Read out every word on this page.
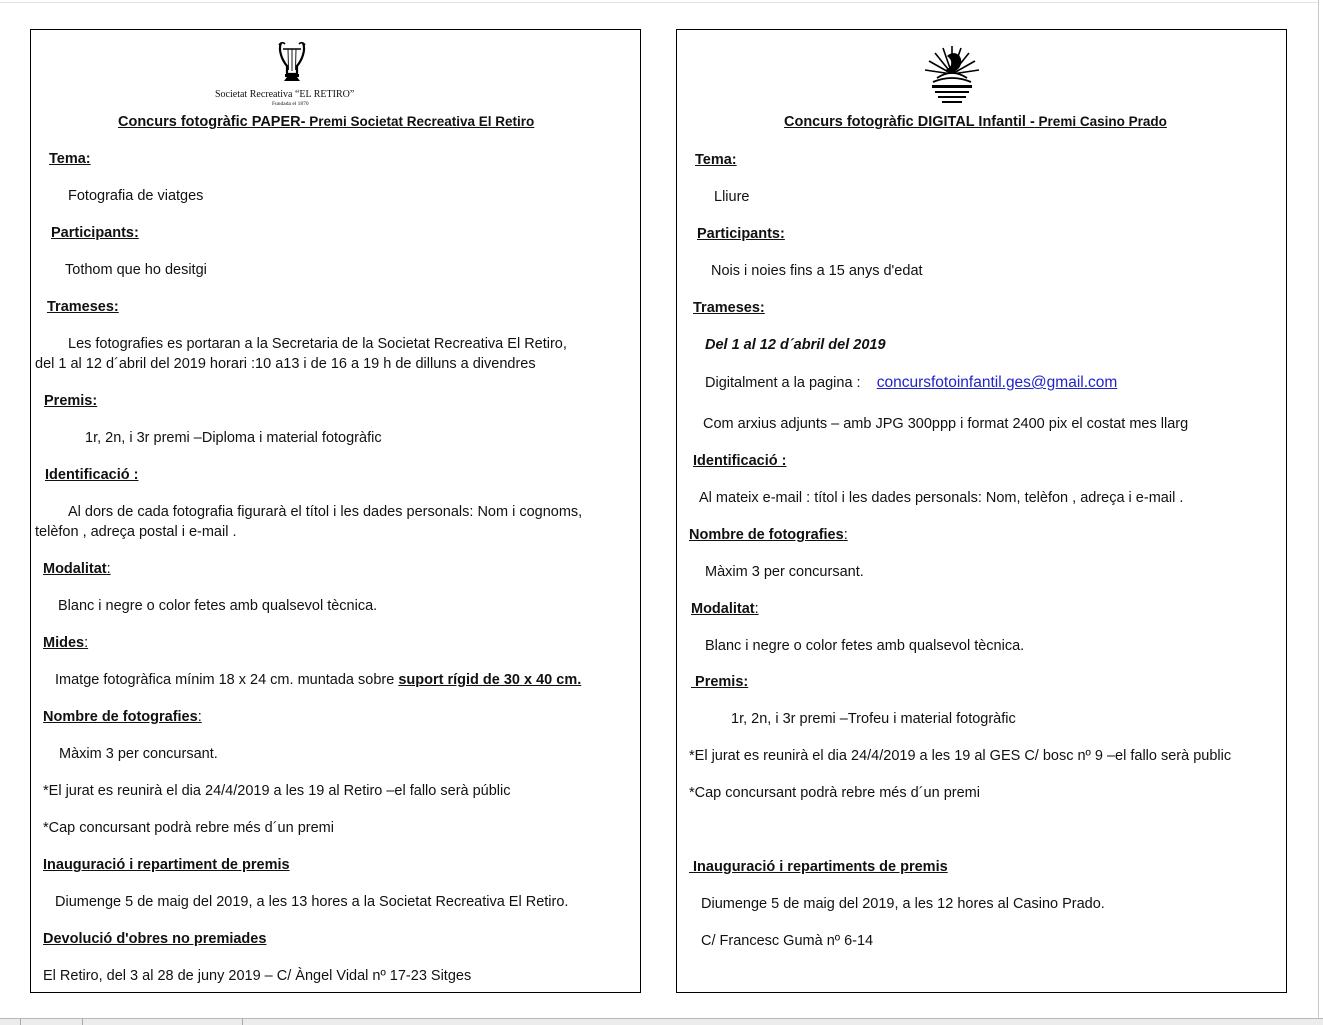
Societat Recreativa “EL RETIRO”
Fundada el 1870
Concurs fotogràfic PAPER- Premi Societat Recreativa El Retiro
Tema:
Fotografia de viatges
Participants:
Tothom que ho desitgi
Trameses:
Les fotografies es portaran a la Secretaria de la Societat Recreativa El Retiro,
del 1 al 12 d´abril del 2019 horari :10 a13 i de 16 a 19 h de dilluns a divendres
Premis:
1r, 2n, i 3r premi –Diploma i material fotogràfic
Identificació :
Al dors de cada fotografia figurarà el títol i les dades personals: Nom i cognoms,
telèfon , adreça postal i e-mail .
Modalitat:
Blanc i negre o color fetes amb qualsevol tècnica.
Mides:
Imatge fotogràfica mínim 18 x 24 cm. muntada sobre suport rígid de 30 x 40 cm.
Nombre de fotografies:
Màxim 3 per concursant.
*El jurat es reunirà el dia 24/4/2019 a les 19 al Retiro –el fallo serà públic
*Cap concursant podrà rebre més d´un premi
Inauguració i repartiment de premis
Diumenge 5 de maig del 2019, a les 13 hores a la Societat Recreativa El Retiro.
Devolució d'obres no premiades
El Retiro, del 3 al 28 de juny 2019 – C/ Àngel Vidal nº 17-23 Sitges
Concurs fotogràfic DIGITAL Infantil - Premi Casino Prado
Tema:
Lliure
Participants:
Nois i noies fins a 15 anys d'edat
Trameses:
Del 1 al 12 d´abril del 2019
Digitalment a la pagina : concursfotoinfantil.ges@gmail.com
Com arxius adjunts – amb JPG 300ppp i format 2400 pix el costat mes llarg
Identificació :
Al mateix e-mail : títol i les dades personals: Nom, telèfon , adreça i e-mail .
Nombre de fotografies:
Màxim 3 per concursant.
Modalitat:
Blanc i negre o color fetes amb qualsevol tècnica.
Premis:
1r, 2n, i 3r premi –Trofeu i material fotogràfic
*El jurat es reunirà el dia 24/4/2019 a les 19 al GES C/ bosc nº 9 –el fallo serà public
*Cap concursant podrà rebre més d´un premi
Inauguració i repartiments de premis
Diumenge 5 de maig del 2019, a les 12 hores al Casino Prado.
C/ Francesc Gumà nº 6-14
